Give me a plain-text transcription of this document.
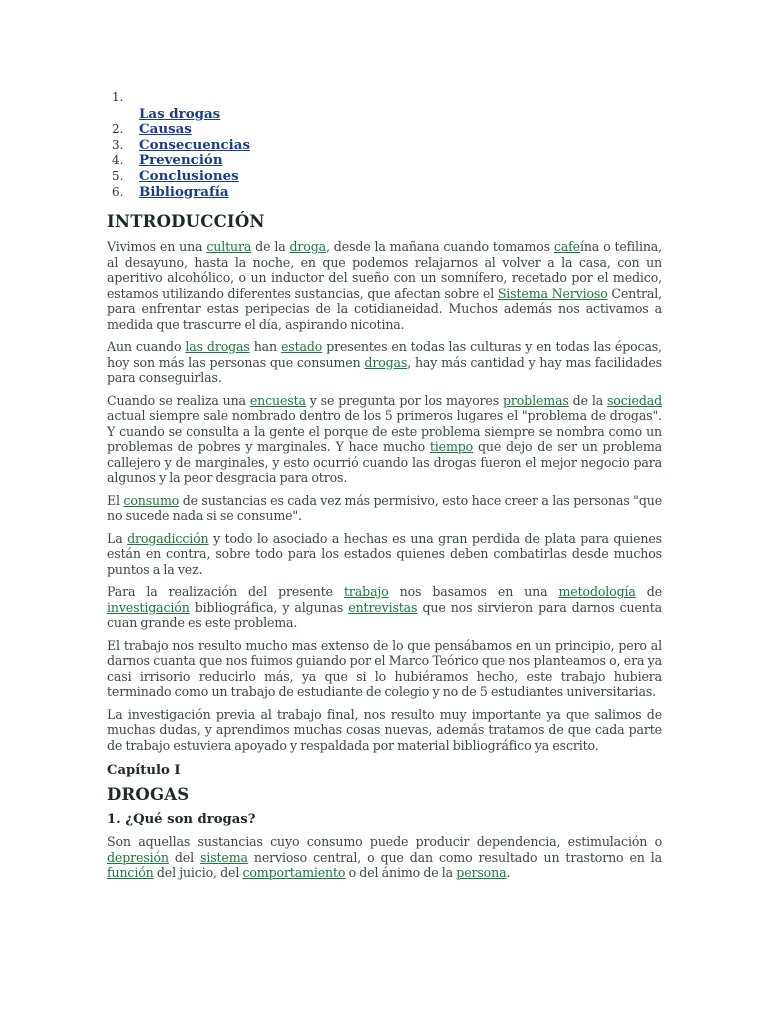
1.
Las drogas
2.	Causas
3.	Consecuencias
4.	Prevención
5.	Conclusiones
6.	Bibliografía
INTRODUCCIÓN

Vivimos en una cultura de la droga, desde la mañana cuando tomamos cafeína o tefilina, al desayuno, hasta la noche, en que podemos relajarnos al volver a la casa, con un aperitivo alcohólico, o un inductor del sueño con un somnífero, recetado por el medico, estamos utilizando diferentes sustancias, que afectan sobre el Sistema Nervioso Central, para enfrentar estas peripecias de la cotidianeidad. Muchos además nos activamos a medida que trascurre el día, aspirando nicotina.

Aun cuando las drogas han estado presentes en todas las culturas y en todas las épocas, hoy son más las personas que consumen drogas, hay más cantidad y hay mas facilidades para conseguirlas.

Cuando se realiza una encuesta y se pregunta por los mayores problemas de la sociedad actual siempre sale nombrado dentro de los 5 primeros lugares el "problema de drogas". Y cuando se consulta a la gente el porque de este problema siempre se nombra como un problemas de pobres y marginales. Y hace mucho tiempo que dejo de ser un problema callejero y de marginales, y esto ocurrió cuando las drogas fueron el mejor negocio para algunos y la peor desgracia para otros.

El consumo de sustancias es cada vez más permisivo, esto hace creer a las personas "que no sucede nada si se consume".

La drogadicción y todo lo asociado a hechas es una gran perdida de plata para quienes están en contra, sobre todo para los estados quienes deben combatirlas desde muchos puntos a la vez.

Para la realización del presente trabajo nos basamos en una metodología de investigación bibliográfica, y algunas entrevistas que nos sirvieron para darnos cuenta cuan grande es este problema.

El trabajo nos resulto mucho mas extenso de lo que pensábamos en un principio, pero al darnos cuanta que nos fuimos guiando por el Marco Teórico que nos planteamos o, era ya casi irrisorio reducirlo más, ya que si lo hubiéramos hecho, este trabajo hubiera terminado como un trabajo de estudiante de colegio y no de 5 estudiantes universitarias.

La investigación previa al trabajo final, nos resulto muy importante ya que salimos de muchas dudas, y aprendimos muchas cosas nuevas, además tratamos de que cada parte de trabajo estuviera apoyado y respaldada por material bibliográfico ya escrito.

Capítulo I
DROGAS
1. ¿Qué son drogas?

Son aquellas sustancias cuyo consumo puede producir dependencia, estimulación o depresión del sistema nervioso central, o que dan como resultado un trastorno en la función del juicio, del comportamiento o del ánimo de la persona.
